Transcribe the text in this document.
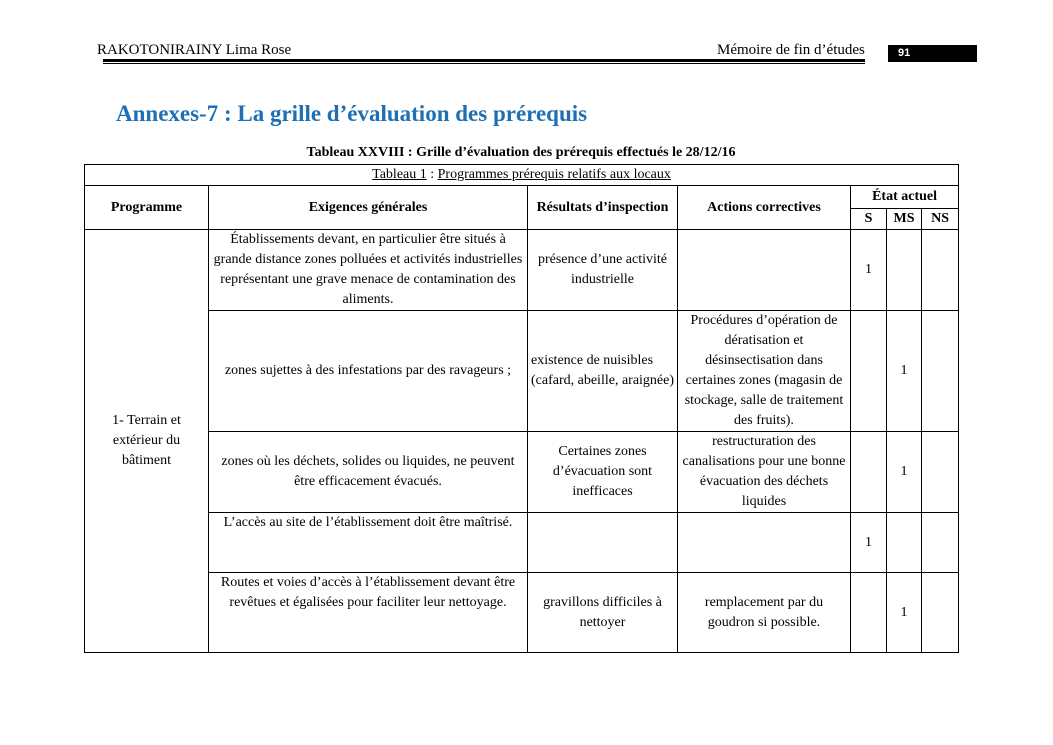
RAKOTONIRAINY Lima Rose	Mémoire de fin d’études	91
Annexes-7 : La grille d’évaluation des prérequis
Tableau XXVIII : Grille d’évaluation des prérequis effectués le 28/12/16
Tableau 1 : Programmes prérequis relatifs aux locaux						
Programme	Exigences générales	Résultats d’inspection	Actions correctives	État actuel		
				S	MS	NS
1- Terrain et extérieur du bâtiment	Établissements devant, en particulier être situés à grande distance zones polluées et activités industrielles représentant une grave menace de contamination des aliments.	présence d’une activité industrielle		1		
	zones sujettes à des infestations par des ravageurs ;	existence de nuisibles (cafard, abeille, araignée)	Procédures d’opération de dératisation et désinsectisation dans certaines zones (magasin de stockage, salle de traitement des fruits).		1	
	zones où les déchets, solides ou liquides, ne peuvent être efficacement évacués.	Certaines zones d’évacuation sont inefficaces	restructuration des canalisations pour une bonne évacuation des déchets liquides		1	
	L’accès au site de l’établissement doit être maîtrisé.			1		
	Routes et voies d’accès à l’établissement devant être revêtues et égalisées pour faciliter leur nettoyage.	gravillons difficiles à nettoyer	remplacement par du goudron si possible.		1	
